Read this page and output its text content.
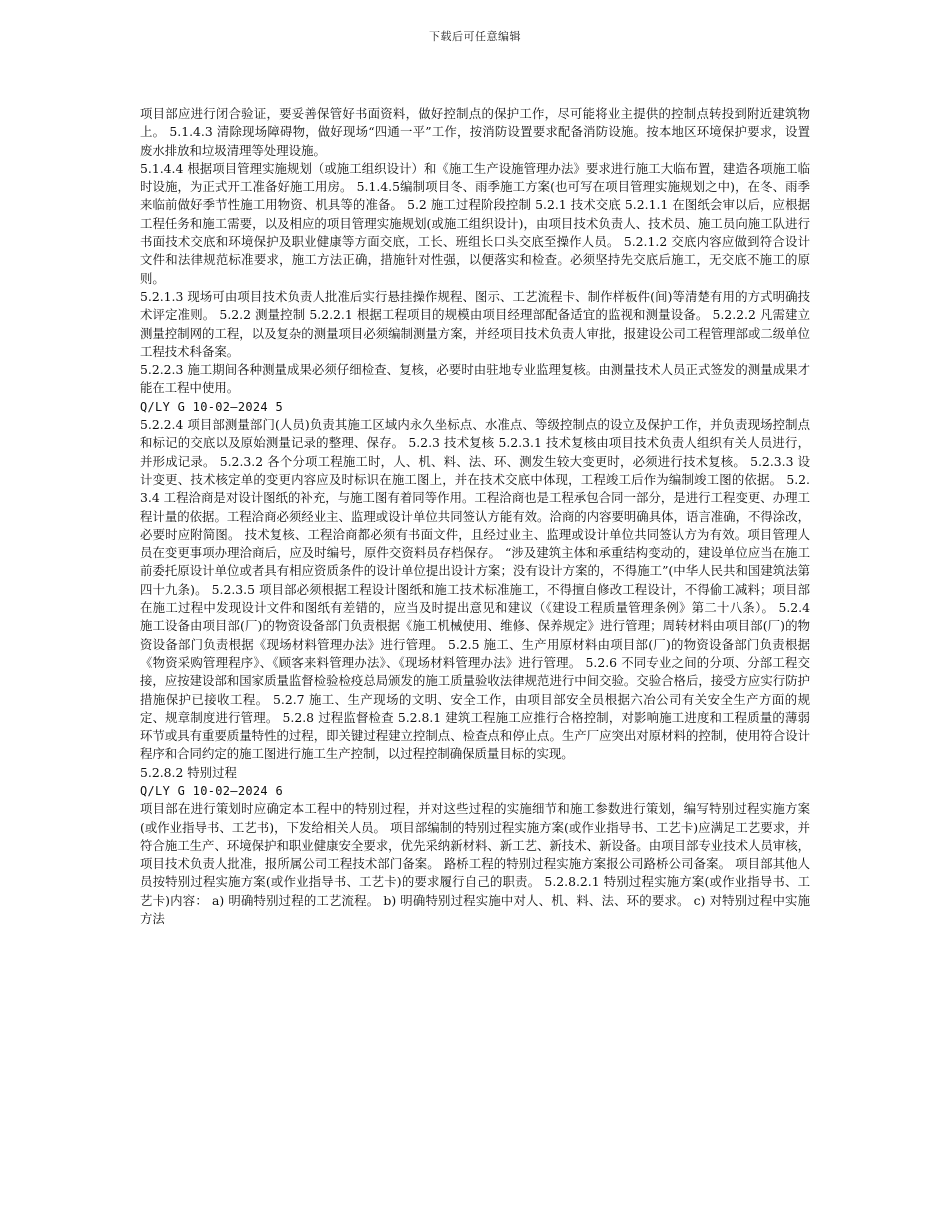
下载后可任意编辑

项目部应进行闭合验证，要妥善保管好书面资料，做好控制点的保护工作，尽可能将业主提供的控制点转投到附近建筑物上。 5.1.4.3 清除现场障碍物，做好现场“四通一平”工作，按消防设置要求配备消防设施。按本地区环境保护要求，设置废水排放和垃圾清理等处理设施。

5.1.4.4 根据项目管理实施规划（或施工组织设计）和《施工生产设施管理办法》要求进行施工大临布置，建造各项施工临时设施，为正式开工准备好施工用房。 5.1.4.5编制项目冬、雨季施工方案(也可写在项目管理实施规划之中)，在冬、雨季来临前做好季节性施工用物资、机具等的准备。 5.2 施工过程阶段控制 5.2.1 技术交底 5.2.1.1 在图纸会审以后，应根据工程任务和施工需要，以及相应的项目管理实施规划(或施工组织设计)，由项目技术负责人、技术员、施工员向施工队进行书面技术交底和环境保护及职业健康等方面交底，工长、班组长口头交底至操作人员。 5.2.1.2 交底内容应做到符合设计文件和法律规范标准要求，施工方法正确，措施针对性强，以便落实和检查。必须坚持先交底后施工，无交底不施工的原则。

5.2.1.3 现场可由项目技术负责人批准后实行悬挂操作规程、图示、工艺流程卡、制作样板件(间)等清楚有用的方式明确技术评定准则。 5.2.2 测量控制 5.2.2.1 根据工程项目的规模由项目经理部配备适宜的监视和测量设备。 5.2.2.2 凡需建立测量控制网的工程，以及复杂的测量项目必须编制测量方案，并经项目技术负责人审批，报建设公司工程管理部或二级单位工程技术科备案。

5.2.2.3 施工期间各种测量成果必须仔细检查、复核，必要时由驻地专业监理复核。由测量技术人员正式签发的测量成果才能在工程中使用。

Q/LY G 10-02—2024 5

5.2.2.4 项目部测量部门(人员)负责其施工区域内永久坐标点、水准点、等级控制点的设立及保护工作，并负责现场控制点和标记的交底以及原始测量记录的整理、保存。 5.2.3 技术复核 5.2.3.1 技术复核由项目技术负责人组织有关人员进行，并形成记录。 5.2.3.2 各个分项工程施工时，人、机、料、法、环、测发生较大变更时，必须进行技术复核。 5.2.3.3 设计变更、技术核定单的变更内容应及时标识在施工图上，并在技术交底中体现，工程竣工后作为编制竣工图的依据。 5.2.3.4 工程洽商是对设计图纸的补充，与施工图有着同等作用。工程洽商也是工程承包合同一部分，是进行工程变更、办理工程计量的依据。工程洽商必须经业主、监理或设计单位共同签认方能有效。洽商的内容要明确具体，语言准确，不得涂改，必要时应附简图。 技术复核、工程洽商都必须有书面文件，且经过业主、监理或设计单位共同签认方为有效。项目管理人员在变更事项办理洽商后，应及时编号，原件交资料员存档保存。 “涉及建筑主体和承重结构变动的，建设单位应当在施工前委托原设计单位或者具有相应资质条件的设计单位提出设计方案；没有设计方案的，不得施工”(中华人民共和国建筑法第四十九条)。 5.2.3.5 项目部必须根据工程设计图纸和施工技术标准施工，不得擅自修改工程设计，不得偷工减料；项目部在施工过程中发现设计文件和图纸有差错的，应当及时提出意见和建议（《建设工程质量管理条例》第二十八条）。 5.2.4 施工设备由项目部(厂)的物资设备部门负责根据《施工机械使用、维修、保养规定》进行管理；周转材料由项目部(厂)的物资设备部门负责根据《现场材料管理办法》进行管理。 5.2.5 施工、生产用原材料由项目部(厂)的物资设备部门负责根据《物资采购管理程序》、《顾客来料管理办法》、《现场材料管理办法》进行管理。 5.2.6 不同专业之间的分项、分部工程交接，应按建设部和国家质量监督检验检疫总局颁发的施工质量验收法律规范进行中间交验。交验合格后，接受方应实行防护措施保护已接收工程。 5.2.7 施工、生产现场的文明、安全工作，由项目部安全员根据六冶公司有关安全生产方面的规定、规章制度进行管理。 5.2.8 过程监督检查 5.2.8.1 建筑工程施工应推行合格控制，对影响施工进度和工程质量的薄弱环节或具有重要质量特性的过程，即关键过程建立控制点、检查点和停止点。生产厂应突出对原材料的控制，使用符合设计程序和合同约定的施工图进行施工生产控制，以过程控制确保质量目标的实现。

5.2.8.2 特别过程

Q/LY G 10-02—2024 6

项目部在进行策划时应确定本工程中的特别过程，并对这些过程的实施细节和施工参数进行策划，编写特别过程实施方案(或作业指导书、工艺书)，下发给相关人员。 项目部编制的特别过程实施方案(或作业指导书、工艺卡)应满足工艺要求，并符合施工生产、环境保护和职业健康安全要求，优先采纳新材料、新工艺、新技术、新设备。由项目部专业技术人员审核，项目技术负责人批准，报所属公司工程技术部门备案。 路桥工程的特别过程实施方案报公司路桥公司备案。 项目部其他人员按特别过程实施方案(或作业指导书、工艺卡)的要求履行自己的职责。 5.2.8.2.1 特别过程实施方案(或作业指导书、工艺卡)内容： a) 明确特别过程的工艺流程。 b) 明确特别过程实施中对人、机、料、法、环的要求。 c) 对特别过程中实施方法
